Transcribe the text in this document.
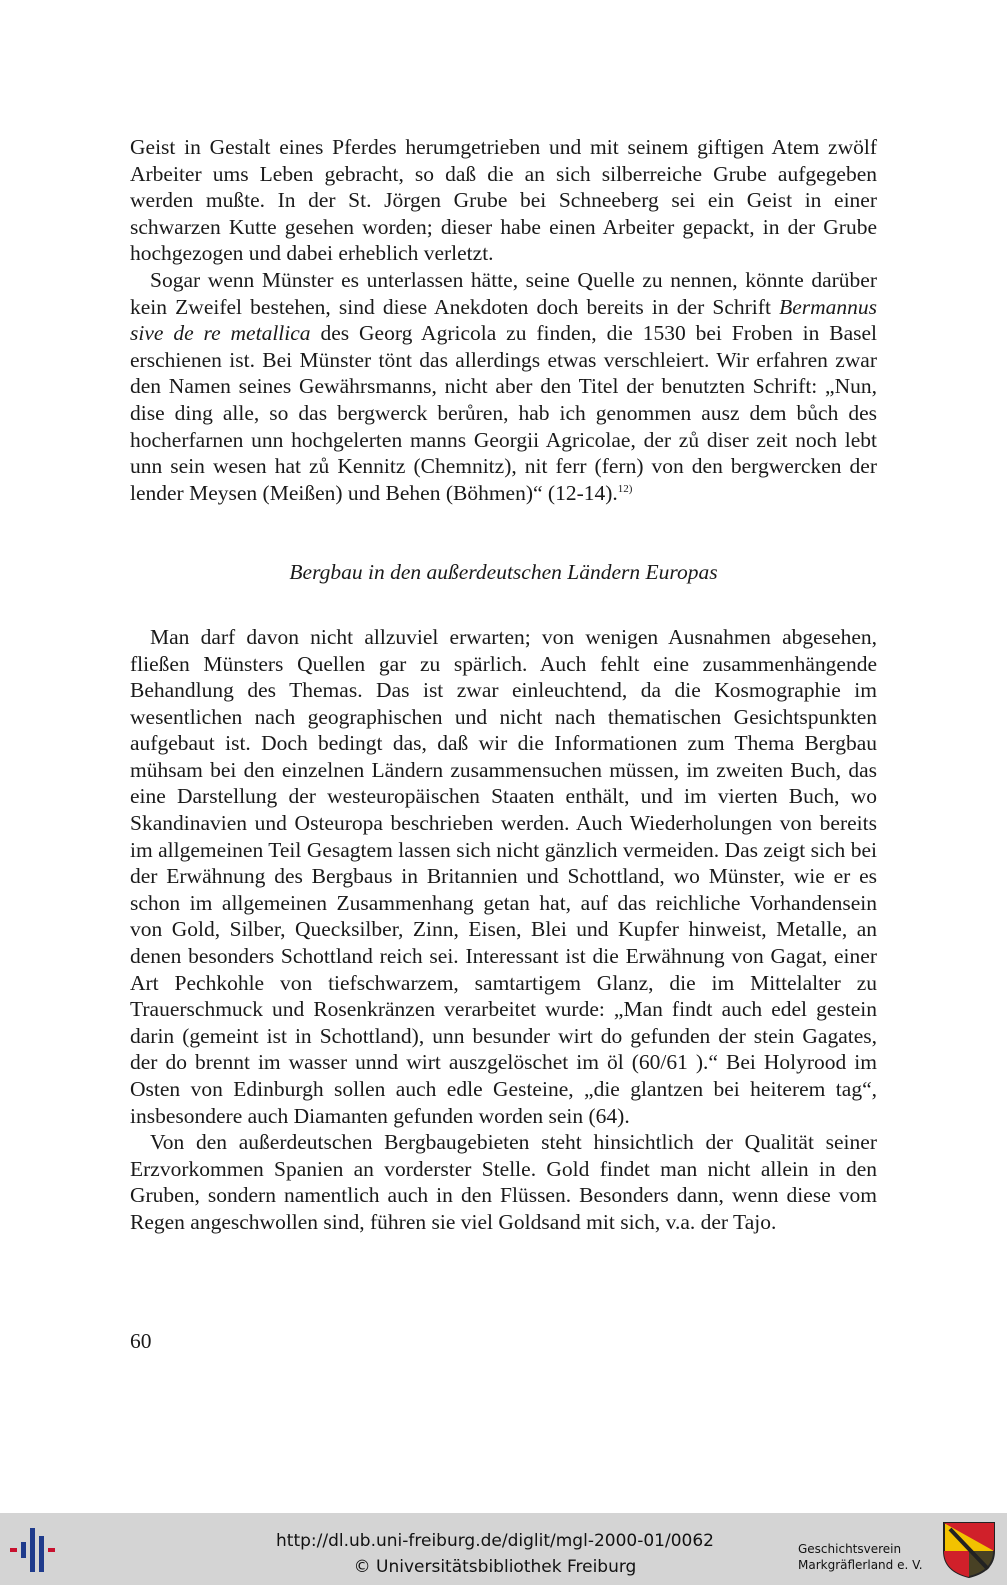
Geist in Gestalt eines Pferdes herumgetrieben und mit seinem giftigen Atem zwölf Arbeiter ums Leben gebracht, so daß die an sich silberreiche Grube aufgegeben werden mußte. In der St. Jörgen Grube bei Schneeberg sei ein Geist in einer schwarzen Kutte gesehen worden; dieser habe einen Arbeiter gepackt, in der Grube hochgezogen und dabei erheblich verletzt.

Sogar wenn Münster es unterlassen hätte, seine Quelle zu nennen, könnte darüber kein Zweifel bestehen, sind diese Anekdoten doch bereits in der Schrift Bermannus sive de re metallica des Georg Agricola zu finden, die 1530 bei Froben in Basel erschienen ist. Bei Münster tönt das allerdings etwas verschleiert. Wir erfahren zwar den Namen seines Gewährsmanns, nicht aber den Titel der benutzten Schrift: „Nun, dise ding alle, so das bergwerck berůren, hab ich genommen ausz dem bůch des hocherfarnen unn hochgelerten manns Georgii Agricolae, der zů diser zeit noch lebt unn sein wesen hat zů Kennitz (Chemnitz), nit ferr (fern) von den bergwercken der lender Meysen (Meißen) und Behen (Böhmen)“ (12-14).$^{12)}$

Bergbau in den außerdeutschen Ländern Europas

Man darf davon nicht allzuviel erwarten; von wenigen Ausnahmen abgesehen, fließen Münsters Quellen gar zu spärlich. Auch fehlt eine zusammenhängende Behandlung des Themas. Das ist zwar einleuchtend, da die Kosmographie im wesentlichen nach geographischen und nicht nach thematischen Gesichtspunkten aufgebaut ist. Doch bedingt das, daß wir die Informationen zum Thema Bergbau mühsam bei den einzelnen Ländern zusammensuchen müssen, im zweiten Buch, das eine Darstellung der westeuropäischen Staaten enthält, und im vierten Buch, wo Skandinavien und Osteuropa beschrieben werden. Auch Wiederholungen von bereits im allgemeinen Teil Gesagtem lassen sich nicht gänzlich vermeiden. Das zeigt sich bei der Erwähnung des Bergbaus in Britannien und Schottland, wo Münster, wie er es schon im allgemeinen Zusammenhang getan hat, auf das reichliche Vorhandensein von Gold, Silber, Quecksilber, Zinn, Eisen, Blei und Kupfer hinweist, Metalle, an denen besonders Schottland reich sei. Interessant ist die Erwähnung von Gagat, einer Art Pechkohle von tiefschwarzem, samtartigem Glanz, die im Mittelalter zu Trauerschmuck und Rosenkränzen verarbeitet wurde: „Man findt auch edel gestein darin (gemeint ist in Schottland), unn besunder wirt do gefunden der stein Gagates, der do brennt im wasser unnd wirt auszgelöschet im öl (60/61 ).“ Bei Holyrood im Osten von Edinburgh sollen auch edle Gesteine, „die glantzen bei heiterem tag“, insbesondere auch Diamanten gefunden worden sein (64).

Von den außerdeutschen Bergbaugebieten steht hinsichtlich der Qualität seiner Erzvorkommen Spanien an vorderster Stelle. Gold findet man nicht allein in den Gruben, sondern namentlich auch in den Flüssen. Besonders dann, wenn diese vom Regen angeschwollen sind, führen sie viel Goldsand mit sich, v.a. der Tajo.

60
http://dl.ub.uni-freiburg.de/diglit/mgl-2000-01/0062
© Universitätsbibliothek Freiburg
Geschichtsverein
Markgräflerland e. V.
